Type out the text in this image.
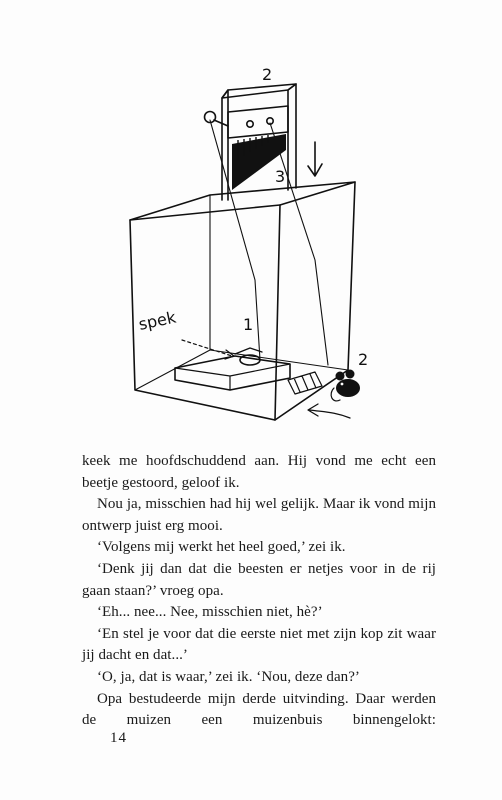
spek	1
2
2
3

keek me hoofdschuddend aan. Hij vond me echt een beetje gestoord, geloof ik.

Nou ja, misschien had hij wel gelijk. Maar ik vond mijn ontwerp juist erg mooi.

‘Volgens mij werkt het heel goed,’ zei ik.

‘Denk jij dan dat die beesten er netjes voor in de rij gaan staan?’ vroeg opa.

‘Eh... nee... Nee, misschien niet, hè?’

‘En stel je voor dat die eerste niet met zijn kop zit waar jij dacht en dat...’

‘O, ja, dat is waar,’ zei ik. ‘Nou, deze dan?’

Opa bestudeerde mijn derde uitvinding. Daar werden de muizen een muizenbuis binnengelokt:

14
